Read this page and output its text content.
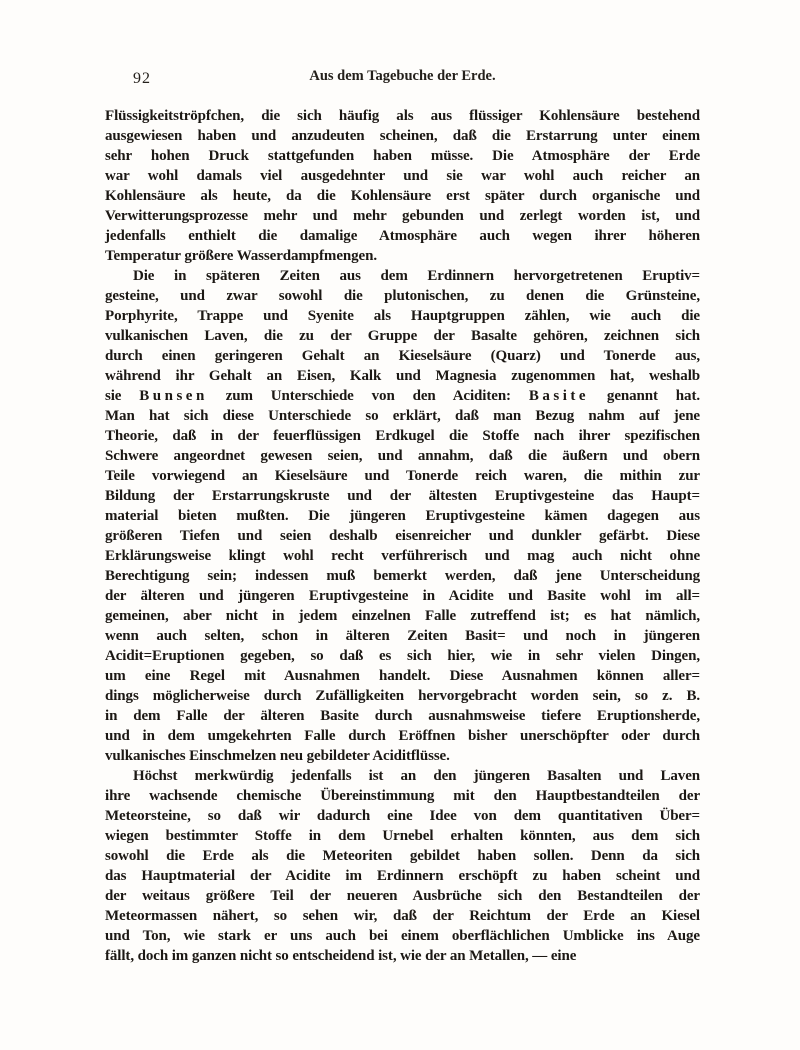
92	Aus dem Tagebuche der Erde.
Flüssigkeitströpfchen, die sich häufig als aus flüssiger Kohlensäure bestehend
ausgewiesen haben und anzudeuten scheinen, daß die Erstarrung unter einem
sehr hohen Druck stattgefunden haben müsse. Die Atmosphäre der Erde
war wohl damals viel ausgedehnter und sie war wohl auch reicher an
Kohlensäure als heute, da die Kohlensäure erst später durch organische und
Verwitterungsprozesse mehr und mehr gebunden und zerlegt worden ist, und
jedenfalls enthielt die damalige Atmosphäre auch wegen ihrer höheren
Temperatur größere Wasserdampfmengen.
Die in späteren Zeiten aus dem Erdinnern hervorgetretenen Eruptiv=
gesteine, und zwar sowohl die plutonischen, zu denen die Grünsteine,
Porphyrite, Trappe und Syenite als Hauptgruppen zählen, wie auch die
vulkanischen Laven, die zu der Gruppe der Basalte gehören, zeichnen sich
durch einen geringeren Gehalt an Kieselsäure (Quarz) und Tonerde aus,
während ihr Gehalt an Eisen, Kalk und Magnesia zugenommen hat, weshalb
sie Bunsen zum Unterschiede von den Aciditen: Basite genannt hat.
Man hat sich diese Unterschiede so erklärt, daß man Bezug nahm auf jene
Theorie, daß in der feuerflüssigen Erdkugel die Stoffe nach ihrer spezifischen
Schwere angeordnet gewesen seien, und annahm, daß die äußern und obern
Teile vorwiegend an Kieselsäure und Tonerde reich waren, die mithin zur
Bildung der Erstarrungskruste und der ältesten Eruptivgesteine das Haupt=
material bieten mußten. Die jüngeren Eruptivgesteine kämen dagegen aus
größeren Tiefen und seien deshalb eisenreicher und dunkler gefärbt. Diese
Erklärungsweise klingt wohl recht verführerisch und mag auch nicht ohne
Berechtigung sein; indessen muß bemerkt werden, daß jene Unterscheidung
der älteren und jüngeren Eruptivgesteine in Acidite und Basite wohl im all=
gemeinen, aber nicht in jedem einzelnen Falle zutreffend ist; es hat nämlich,
wenn auch selten, schon in älteren Zeiten Basit= und noch in jüngeren
Acidit=Eruptionen gegeben, so daß es sich hier, wie in sehr vielen Dingen,
um eine Regel mit Ausnahmen handelt. Diese Ausnahmen können aller=
dings möglicherweise durch Zufälligkeiten hervorgebracht worden sein, so z. B.
in dem Falle der älteren Basite durch ausnahmsweise tiefere Eruptionsherde,
und in dem umgekehrten Falle durch Eröffnen bisher unerschöpfter oder durch
vulkanisches Einschmelzen neu gebildeter Aciditflüsse.
Höchst merkwürdig jedenfalls ist an den jüngeren Basalten und Laven
ihre wachsende chemische Übereinstimmung mit den Hauptbestandteilen der
Meteorsteine, so daß wir dadurch eine Idee von dem quantitativen Über=
wiegen bestimmter Stoffe in dem Urnebel erhalten könnten, aus dem sich
sowohl die Erde als die Meteoriten gebildet haben sollen. Denn da sich
das Hauptmaterial der Acidite im Erdinnern erschöpft zu haben scheint und
der weitaus größere Teil der neueren Ausbrüche sich den Bestandteilen der
Meteormassen nähert, so sehen wir, daß der Reichtum der Erde an Kiesel
und Ton, wie stark er uns auch bei einem oberflächlichen Umblicke ins Auge
fällt, doch im ganzen nicht so entscheidend ist, wie der an Metallen, — eine
